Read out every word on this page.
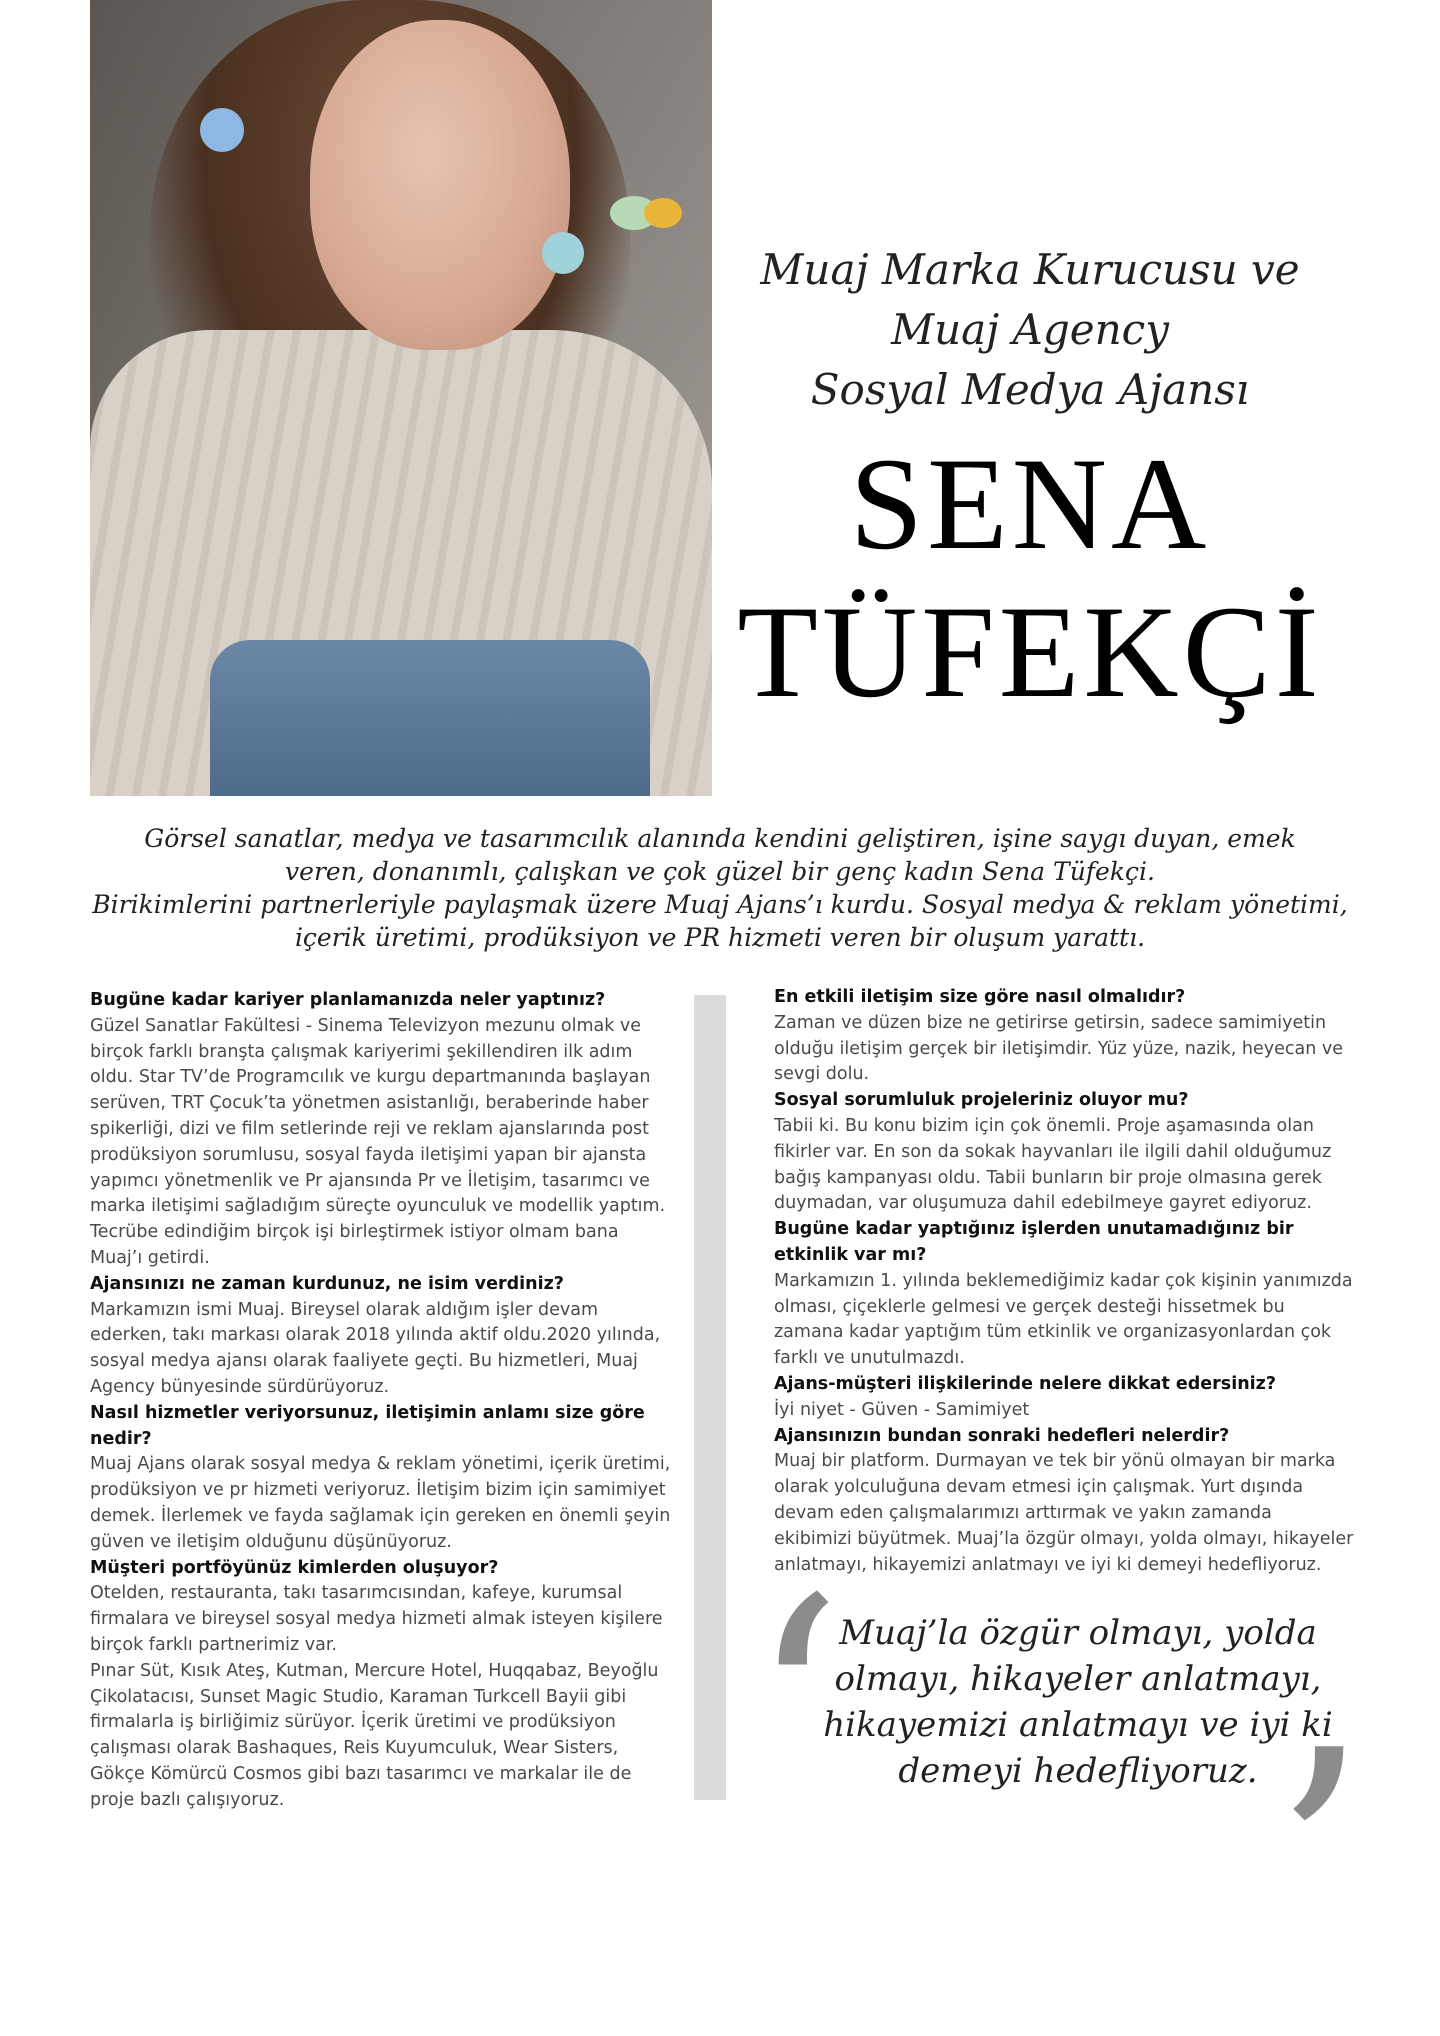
Muaj Marka Kurucusu ve

Muaj Agency

Sosyal Medya Ajansı

SENA

TÜFEKÇİ

Görsel sanatlar, medya ve tasarımcılık alanında kendini geliştiren, işine saygı duyan, emek

veren, donanımlı, çalışkan ve çok güzel bir genç kadın Sena Tüfekçi.

Birikimlerini partnerleriyle paylaşmak üzere Muaj Ajans’ı kurdu. Sosyal medya & reklam yönetimi,

içerik üretimi, prodüksiyon ve PR hizmeti veren bir oluşum yarattı.

Bugüne kadar kariyer planlamanızda neler yaptınız?

Güzel Sanatlar Fakültesi - Sinema Televizyon mezunu olmak ve birçok farklı branşta çalışmak kariyerimi şekillendiren ilk adım oldu. Star TV’de Programcılık ve kurgu departmanında başlayan serüven, TRT Çocuk’ta yönetmen asistanlığı, beraberinde haber spikerliği, dizi ve film setlerinde reji ve reklam ajanslarında post prodüksiyon sorumlusu, sosyal fayda iletişimi yapan bir ajansta yapımcı yönetmenlik ve Pr ajansında Pr ve İletişim, tasarımcı ve marka iletişimi sağladığım süreçte oyunculuk ve modellik yaptım. Tecrübe edindiğim birçok işi birleştirmek istiyor olmam bana Muaj’ı getirdi.

Ajansınızı ne zaman kurdunuz, ne isim verdiniz?

Markamızın ismi Muaj. Bireysel olarak aldığım işler devam ederken, takı markası olarak 2018 yılında aktif oldu.2020 yılında, sosyal medya ajansı olarak faaliyete geçti. Bu hizmetleri, Muaj Agency bünyesinde sürdürüyoruz.

Nasıl hizmetler veriyorsunuz, iletişimin anlamı size göre nedir?

Muaj Ajans olarak sosyal medya & reklam yönetimi, içerik üretimi, prodüksiyon ve pr hizmeti veriyoruz. İletişim bizim için samimiyet demek. İlerlemek ve fayda sağlamak için gereken en önemli şeyin güven ve iletişim olduğunu düşünüyoruz.

Müşteri portföyünüz kimlerden oluşuyor?

Otelden, restauranta, takı tasarımcısından, kafeye, kurumsal firmalara ve bireysel sosyal medya hizmeti almak isteyen kişilere birçok farklı partnerimiz var.

Pınar Süt, Kısık Ateş, Kutman, Mercure Hotel, Huqqabaz, Beyoğlu Çikolatacısı, Sunset Magic Studio, Karaman Turkcell Bayii gibi firmalarla iş birliğimiz sürüyor. İçerik üretimi ve prodüksiyon çalışması olarak Bashaques, Reis Kuyumculuk, Wear Sisters, Gökçe Kömürcü Cosmos gibi bazı tasarımcı ve markalar ile de proje bazlı çalışıyoruz.

En etkili iletişim size göre nasıl olmalıdır?

Zaman ve düzen bize ne getirirse getirsin, sadece samimiyetin olduğu iletişim gerçek bir iletişimdir. Yüz yüze, nazik, heyecan ve sevgi dolu.

Sosyal sorumluluk projeleriniz oluyor mu?

Tabii ki. Bu konu bizim için çok önemli. Proje aşamasında olan fikirler var. En son da sokak hayvanları ile ilgili dahil olduğumuz bağış kampanyası oldu. Tabii bunların bir proje olmasına gerek duymadan, var oluşumuza dahil edebilmeye gayret ediyoruz.

Bugüne kadar yaptığınız işlerden unutamadığınız bir etkinlik var mı?

Markamızın 1. yılında beklemediğimiz kadar çok kişinin yanımızda olması, çiçeklerle gelmesi ve gerçek desteği hissetmek bu zamana kadar yaptığım tüm etkinlik ve organizasyonlardan çok farklı ve unutulmazdı.

Ajans-müşteri ilişkilerinde nelere dikkat edersiniz?

İyi niyet - Güven - Samimiyet

Ajansınızın bundan sonraki hedefleri nelerdir?

Muaj bir platform. Durmayan ve tek bir yönü olmayan bir marka olarak yolculuğuna devam etmesi için çalışmak. Yurt dışında devam eden çalışmalarımızı arttırmak ve yakın zamanda ekibimizi büyütmek. Muaj’la özgür olmayı, yolda olmayı, hikayeler anlatmayı, hikayemizi anlatmayı ve iyi ki demeyi hedefliyoruz.

‘

Muaj’la özgür olmayı, yolda

olmayı, hikayeler anlatmayı,

hikayemizi anlatmayı ve iyi ki

demeyi hedefliyoruz. ’
